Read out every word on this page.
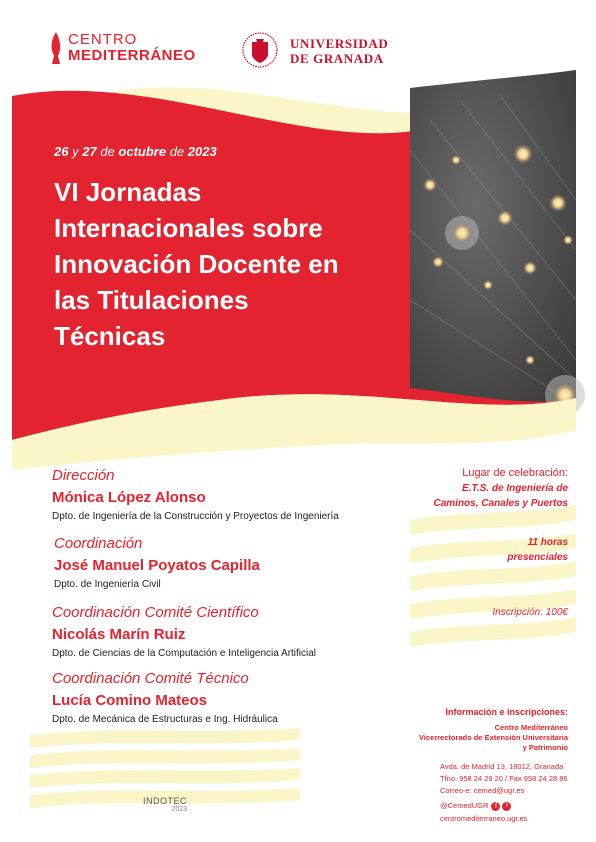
CENTRO
MEDITERRÁNEO
UNIVERSIDAD
DE GRANADA
26 y 27 de octubre de 2023
VI Jornadas
Internacionales sobre
Innovación Docente en
las Titulaciones
Técnicas
Dirección
Mónica López Alonso
Dpto. de Ingeniería de la Construcción y Proyectos de Ingeniería
Coordinación
José Manuel Poyatos Capilla
Dpto. de Ingeniería Civil
Coordinación Comité Científico
Nicolás Marín Ruiz
Dpto. de Ciencias de la Computación e Inteligencia Artificial
Coordinación Comité Técnico
Lucía Comino Mateos
Dpto. de Mecánica de Estructuras e Ing. Hidráulica
Lugar de celebración:
E.T.S. de Ingeniería de
Caminos, Canales y Puertos
11 horas
presenciales
Inscripción: 100€
Información e inscripciones:
Centro Mediterráneo
Vicerrectorado de Extensión Universitaria
y Patrimonio
Avda. de Madrid 13, 18012, Granada
Tfno. 958 24 29 20 / Fax 958 24 28 86
Correo-e: cemed@ugr.es
@CemedUGR f	t
centromediterraneo.ugr.es
INDOTEC
2023
